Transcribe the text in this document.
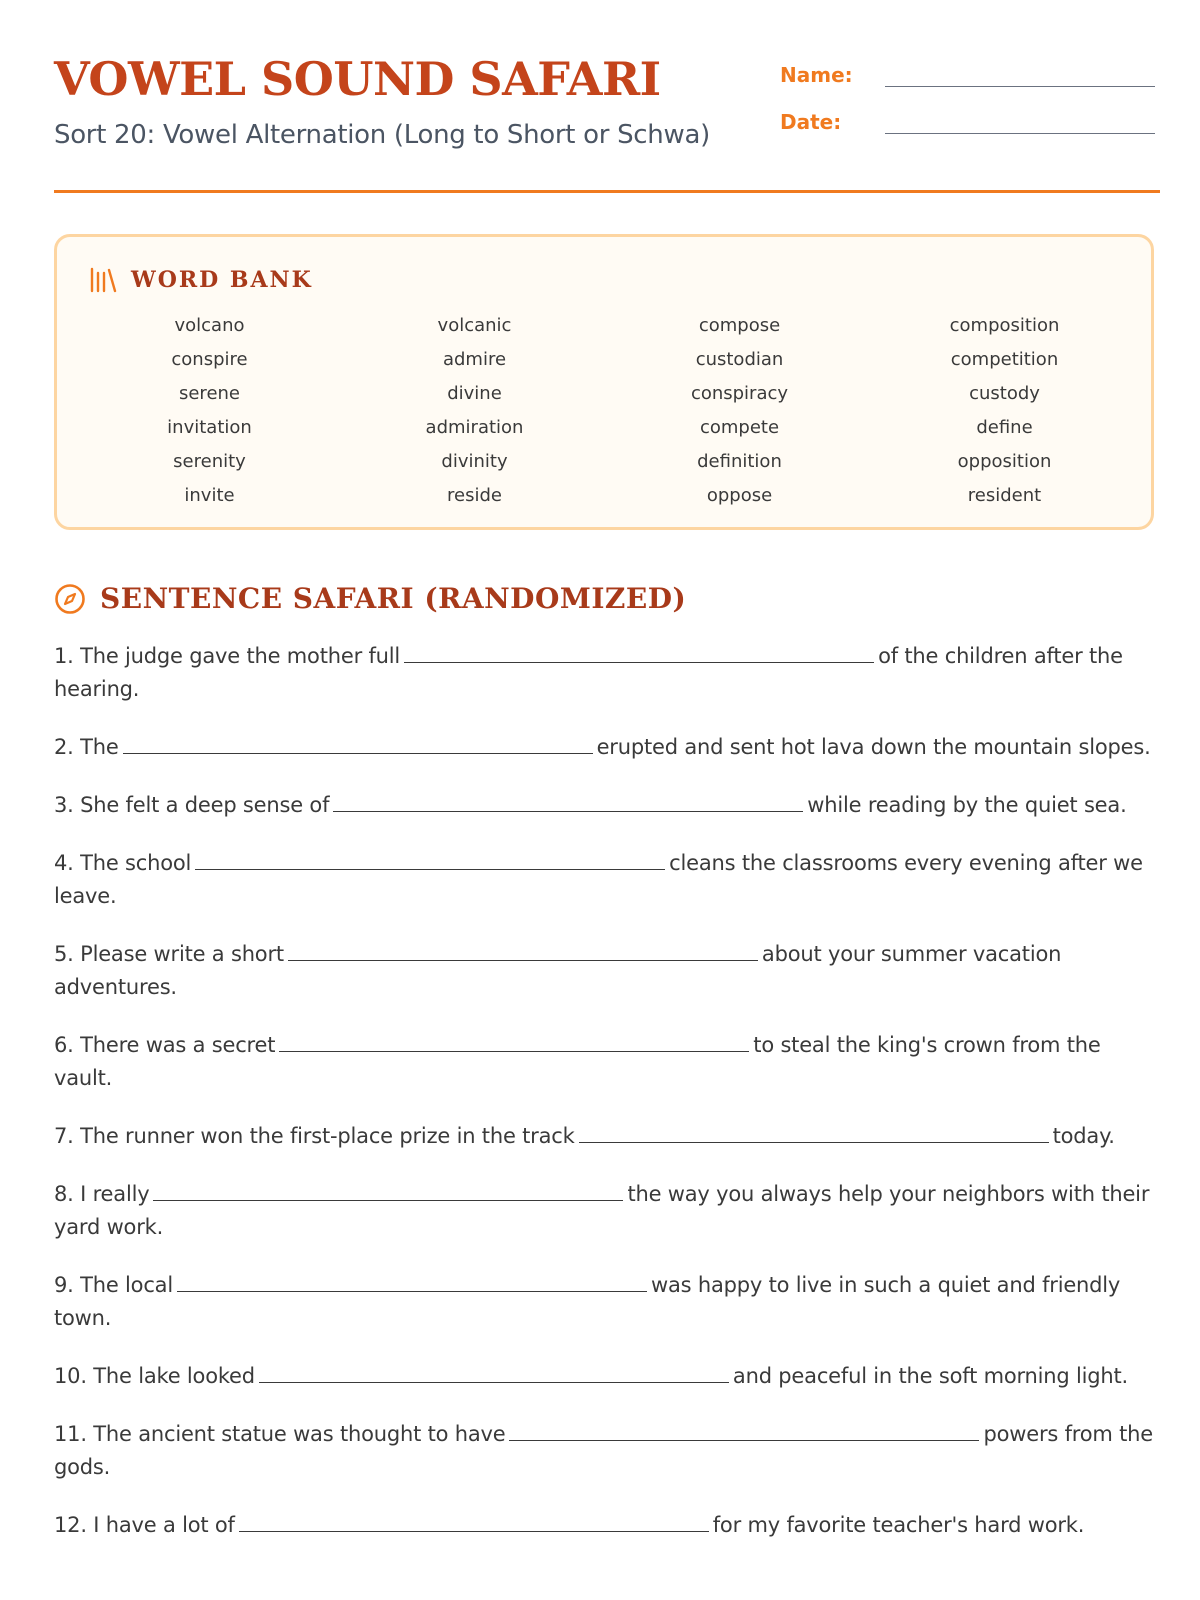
VOWEL SOUND SAFARI

Sort 20: Vowel Alternation (Long to Short or Schwa)

Name:
Date:
WORD BANK
volcano	volcanic	compose	composition
conspire	admire	custodian	competition
serene	divine	conspiracy	custody
invitation	admiration	compete	define
serenity	divinity	definition	opposition
invite	reside	oppose	resident
SENTENCE SAFARI (RANDOMIZED)
1. The judge gave the mother full	of the children after the hearing.
2. The	erupted and sent hot lava down the mountain slopes.
3. She felt a deep sense of	while reading by the quiet sea.
4. The school	cleans the classrooms every evening after we leave.
5. Please write a short	about your summer vacation adventures.
6. There was a secret	to steal the king's crown from the vault.
7. The runner won the first-place prize in the track	today.
8. I really	the way you always help your neighbors with their yard work.
9. The local	was happy to live in such a quiet and friendly town.
10. The lake looked	and peaceful in the soft morning light.
11. The ancient statue was thought to have	powers from the gods.
12. I have a lot of	for my favorite teacher's hard work.
